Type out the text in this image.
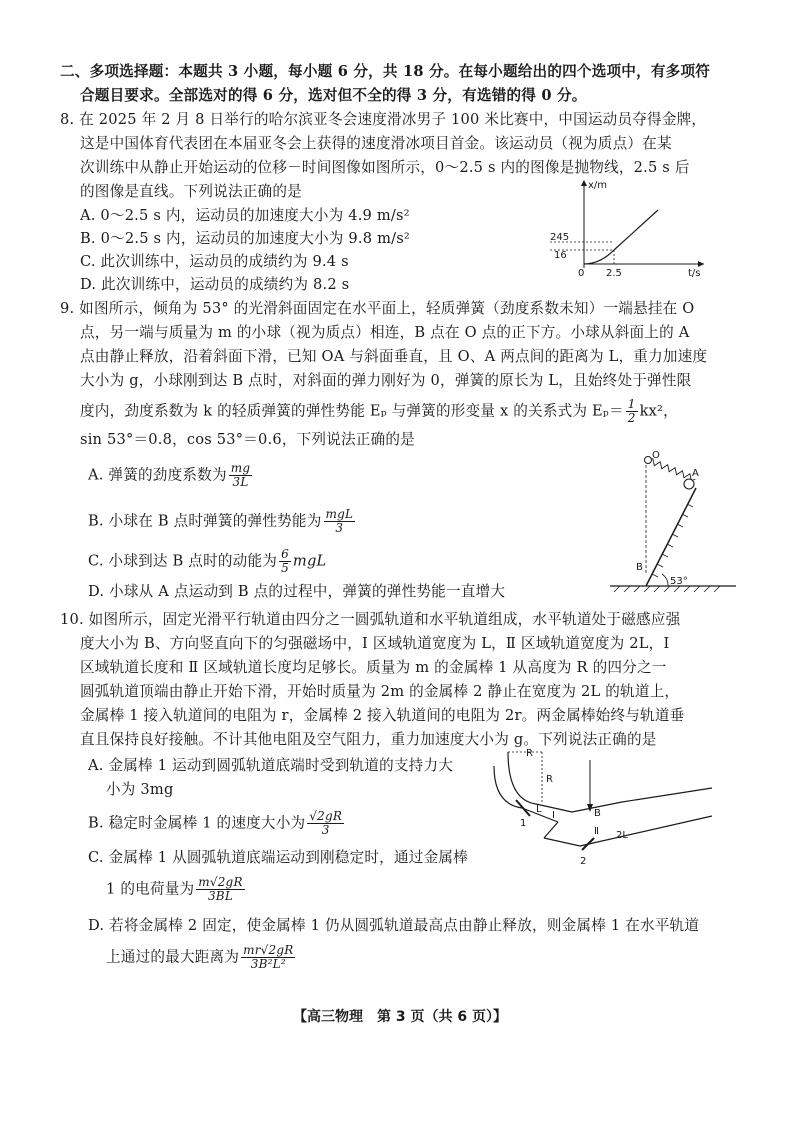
二、多项选择题：本题共 3 小题，每小题 6 分，共 18 分。在每小题给出的四个选项中，有多项符
合题目要求。全部选对的得 6 分，选对但不全的得 3 分，有选错的得 0 分。
8. 在 2025 年 2 月 8 日举行的哈尔滨亚冬会速度滑冰男子 100 米比赛中，中国运动员夺得金牌，
这是中国体育代表团在本届亚冬会上获得的速度滑冰项目首金。该运动员（视为质点）在某
次训练中从静止开始运动的位移－时间图像如图所示，0～2.5 s 内的图像是抛物线，2.5 s 后
的图像是直线。下列说法正确的是
A. 0～2.5 s 内，运动员的加速度大小为 4.9 m/s²
B. 0～2.5 s 内，运动员的加速度大小为 9.8 m/s²
C. 此次训练中，运动员的成绩约为 9.4 s
D. 此次训练中，运动员的成绩约为 8.2 s
x/m
t/s
245
16
0 2.5
9. 如图所示，倾角为 53° 的光滑斜面固定在水平面上，轻质弹簧（劲度系数未知）一端悬挂在 O
点，另一端与质量为 m 的小球（视为质点）相连，B 点在 O 点的正下方。小球从斜面上的 A
点由静止释放，沿着斜面下滑，已知 OA 与斜面垂直，且 O、A 两点间的距离为 L，重力加速度
大小为 g，小球刚到达 B 点时，对斜面的弹力刚好为 0，弹簧的原长为 L，且始终处于弹性限
度内，劲度系数为 k 的轻质弹簧的弹性势能 Eₚ 与弹簧的形变量 x 的关系式为 $E_p= \frac{1}{2} kx^2$，
sin 53°＝0.8，cos 53°＝0.6，下列说法正确的是
A. 弹簧的劲度系数为 $\frac{mg}{3L}$
B. 小球在 B 点时弹簧的弹性势能为 $\frac{\text{mgL}}{3}$
C. 小球到达 B 点时的动能为 $\frac{6}{5}$ mgL
D. 小球从 A 点运动到 B 点的过程中，弹簧的弹性势能一直增大
O
A
B
53°
10. 如图所示，固定光滑平行轨道由四分之一圆弧轨道和水平轨道组成，水平轨道处于磁感应强
度大小为 B、方向竖直向下的匀强磁场中，Ⅰ 区域轨道宽度为 L，Ⅱ 区域轨道宽度为 2L，Ⅰ
区域轨道长度和 Ⅱ 区域轨道长度均足够长。质量为 m 的金属棒 1 从高度为 R 的四分之一
圆弧轨道顶端由静止开始下滑，开始时质量为 2m 的金属棒 2 静止在宽度为 2L 的轨道上，
金属棒 1 接入轨道间的电阻为 r，金属棒 2 接入轨道间的电阻为 2r。两金属棒始终与轨道垂
直且保持良好接触。不计其他电阻及空气阻力，重力加速度大小为 g。下列说法正确的是
A. 金属棒 1 运动到圆弧轨道底端时受到轨道的支持力大
小为 3mg
B. 稳定时金属棒 1 的速度大小为 $\frac{√2gR}{3}$
C. 金属棒 1 从圆弧轨道底端运动到刚稳定时，通过金属棒
1 的电荷量为 $\frac{m√2gR}{3BL}$
D. 若将金属棒 2 固定，使金属棒 1 仍从圆弧轨道最高点由静止释放，则金属棒 1 在水平轨道
上通过的最大距离为 $\frac{mr√2gR}{\text{3B²L²}}$
R
R
L
Ⅰ	B
Ⅱ 2L
1
2
【高三物理　第 3 页（共 6 页）】
